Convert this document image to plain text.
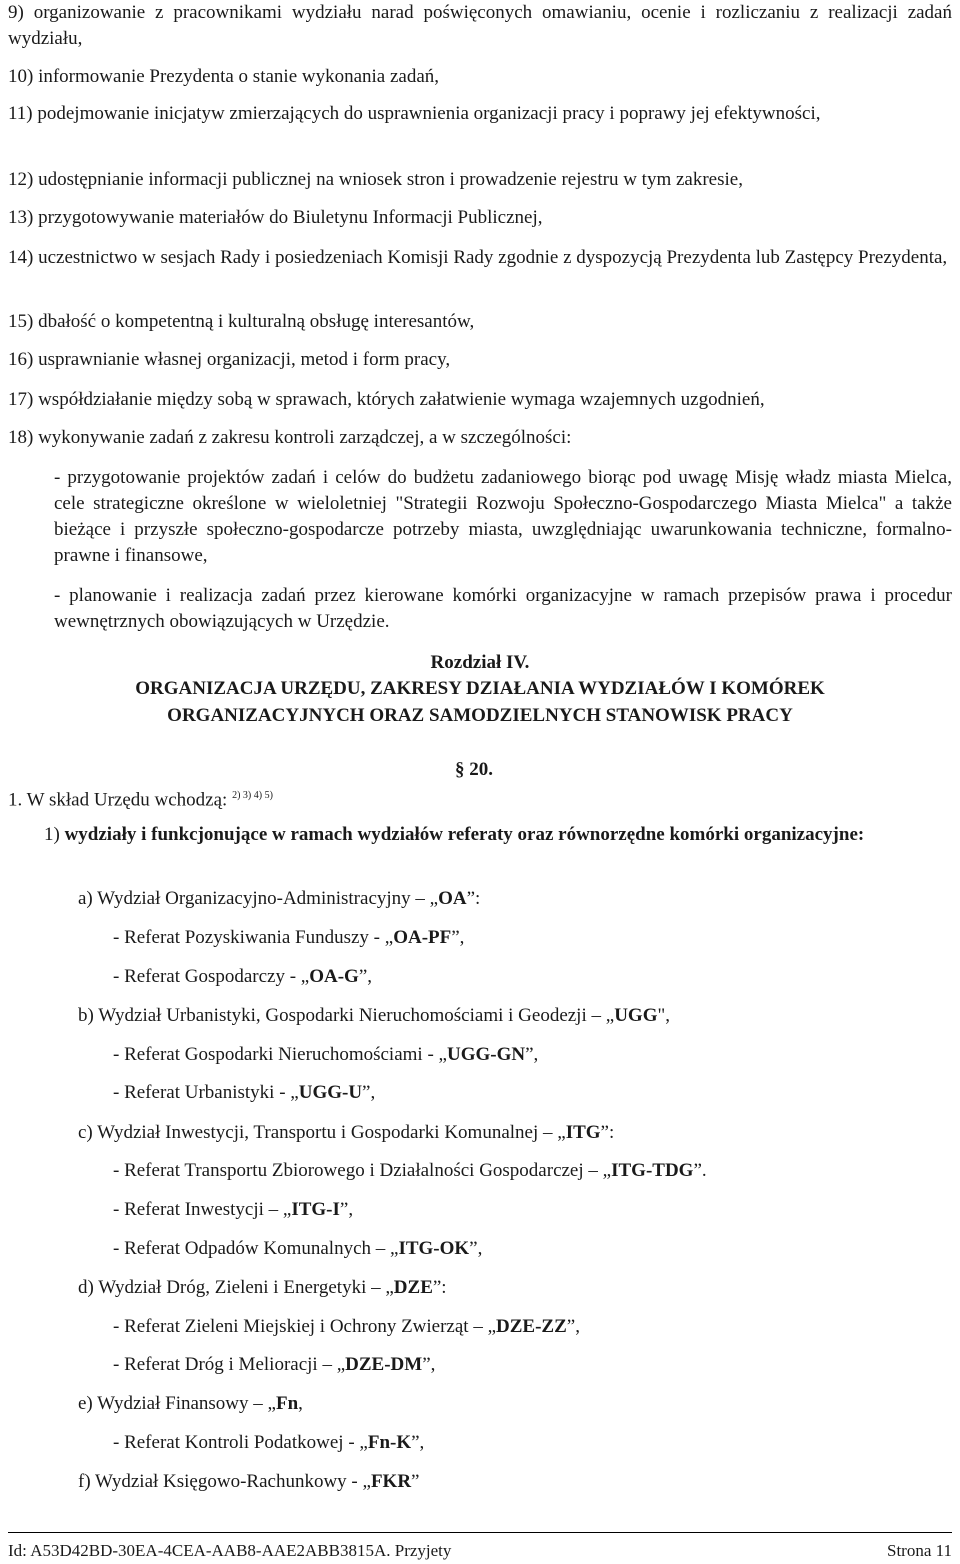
9) organizowanie z pracownikami wydziału narad poświęconych omawianiu, ocenie i rozliczaniu z realizacji zadań wydziału,
10) informowanie Prezydenta o stanie wykonania zadań,
11) podejmowanie inicjatyw zmierzających do usprawnienia organizacji pracy i poprawy jej efektywności,
12) udostępnianie informacji publicznej na wniosek stron i prowadzenie rejestru w tym zakresie,
13) przygotowywanie materiałów do Biuletynu Informacji Publicznej,
14) uczestnictwo w sesjach Rady i posiedzeniach Komisji Rady zgodnie z dyspozycją Prezydenta lub Zastępcy Prezydenta,
15) dbałość o kompetentną i kulturalną obsługę interesantów,
16) usprawnianie własnej organizacji, metod i form pracy,
17) współdziałanie między sobą w sprawach, których załatwienie wymaga wzajemnych uzgodnień,
18) wykonywanie zadań z zakresu kontroli zarządczej, a w szczególności:
- przygotowanie projektów zadań i celów do budżetu zadaniowego biorąc pod uwagę Misję władz miasta Mielca, cele strategiczne określone w wieloletniej "Strategii Rozwoju Społeczno-Gospodarczego Miasta Mielca" a także bieżące i przyszłe społeczno-gospodarcze potrzeby miasta, uwzględniając uwarunkowania techniczne, formalno-prawne i finansowe,
- planowanie i realizacja zadań przez kierowane komórki organizacyjne w ramach przepisów prawa i procedur wewnętrznych obowiązujących w Urzędzie.
Rozdział IV.
ORGANIZACJA URZĘDU, ZAKRESY DZIAŁANIA WYDZIAŁÓW I KOMÓREK
ORGANIZACYJNYCH ORAZ SAMODZIELNYCH STANOWISK PRACY
§ 20.
1. W skład Urzędu wchodzą: $^{2) 3) 4) 5)}$
1) wydziały i funkcjonujące w ramach wydziałów referaty oraz równorzędne komórki organizacyjne:
a) Wydział Organizacyjno-Administracyjny – „OA”:
- Referat Pozyskiwania Funduszy - „OA-PF”,
- Referat Gospodarczy - „OA-G”,
b) Wydział Urbanistyki, Gospodarki Nieruchomościami i Geodezji – „UGG",
- Referat Gospodarki Nieruchomościami - „UGG-GN”,
- Referat Urbanistyki - „UGG-U”,
c) Wydział Inwestycji, Transportu i Gospodarki Komunalnej – „ITG”:
- Referat Transportu Zbiorowego i Działalności Gospodarczej – „ITG-TDG”.
- Referat Inwestycji – „ITG-I”,
- Referat Odpadów Komunalnych – „ITG-OK”,
d) Wydział Dróg, Zieleni i Energetyki – „DZE”:
- Referat Zieleni Miejskiej i Ochrony Zwierząt – „DZE-ZZ”,
- Referat Dróg i Melioracji – „DZE-DM”,
e) Wydział Finansowy – „Fn,
- Referat Kontroli Podatkowej - „Fn-K”,
f) Wydział Księgowo-Rachunkowy - „FKR”
Id: A53D42BD-30EA-4CEA-AAB8-AAE2ABB3815A. Przyjety	Strona 11
